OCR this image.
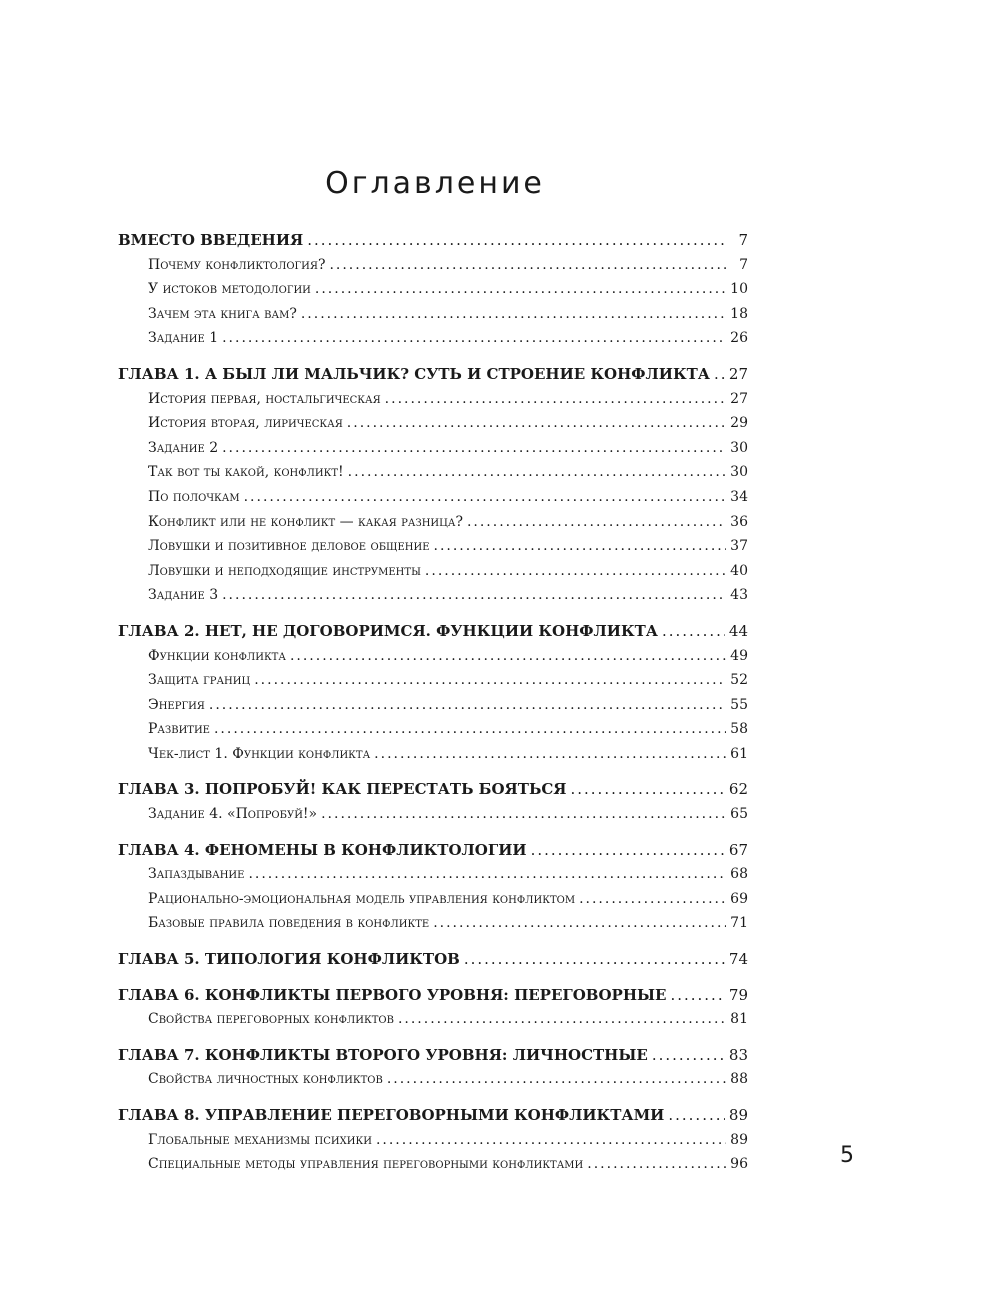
Оглавление
ВМЕСТО ВВЕДЕНИЯ .....	7
Почему конфликтология? .....	7
У истоков методологии .....	10
Зачем эта книга вам? .....	18
Задание 1 .....	26
ГЛАВА 1. А БЫЛ ЛИ МАЛЬЧИК? СУТЬ И СТРОЕНИЕ КОНФЛИКТА ..... 27
История первая, ностальгическая .....	27
История вторая, лирическая .....	29
Задание 2 .....	30
Так вот ты какой, конфликт! .....	30
По полочкам .....	34
Конфликт или не конфликт — какая разница? .....	36
Ловушки и позитивное деловое общение .....	37
Ловушки и неподходящие инструменты .....	40
Задание 3 .....	43
ГЛАВА 2. НЕТ, НЕ ДОГОВОРИМСЯ. ФУНКЦИИ КОНФЛИКТА .....	44
Функции конфликта .....	49
Защита границ .....	52
Энергия .....	55
Развитие .....	58
Чек-лист 1. Функции конфликта .....	61
ГЛАВА 3. ПОПРОБУЙ! КАК ПЕРЕСТАТЬ БОЯТЬСЯ .....	62
Задание 4. «Попробуй!» .....	65
ГЛАВА 4. ФЕНОМЕНЫ В КОНФЛИКТОЛОГИИ .....	67
Запаздывание .....	68
Рационально-эмоциональная модель управления конфликтом .....	69
Базовые правила поведения в конфликте .....	71
ГЛАВА 5. ТИПОЛОГИЯ КОНФЛИКТОВ .....	74
ГЛАВА 6. КОНФЛИКТЫ ПЕРВОГО УРОВНЯ: ПЕРЕГОВОРНЫЕ .....	79
Свойства переговорных конфликтов .....	81
ГЛАВА 7. КОНФЛИКТЫ ВТОРОГО УРОВНЯ: ЛИЧНОСТНЫЕ .....	83
Свойства личностных конфликтов .....	88
ГЛАВА 8. УПРАВЛЕНИЕ ПЕРЕГОВОРНЫМИ КОНФЛИКТАМИ .....	89
Глобальные механизмы психики .....	89
Специальные методы управления переговорными конфликтами .....	96	5
